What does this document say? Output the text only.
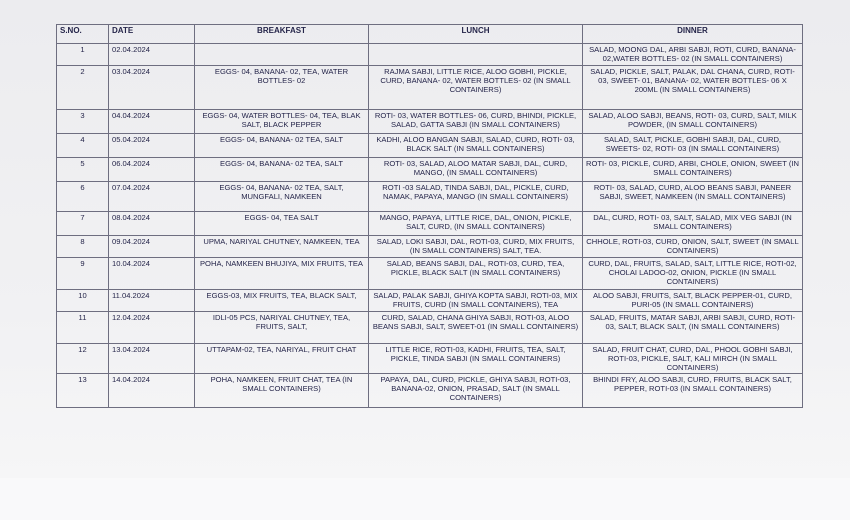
S.NO.	DATE	BREAKFAST	LUNCH	DINNER
1	02.04.2024			SALAD, MOONG DAL, ARBI SABJI, ROTI, CURD, BANANA-02,WATER BOTTLES- 02 (IN SMALL CONTAINERS)
2	03.04.2024	EGGS- 04, BANANA- 02, TEA, WATER BOTTLES- 02	RAJMA SABJI, LITTLE RICE, ALOO GOBHI, PICKLE, CURD, BANANA- 02, WATER BOTTLES- 02 (IN SMALL CONTAINERS)	SALAD, PICKLE, SALT, PALAK, DAL CHANA, CURD, ROTI-03, SWEET- 01, BANANA- 02, WATER BOTTLES- 06 X 200ML (IN SMALL CONTAINERS)
3	04.04.2024	EGGS- 04, WATER BOTTLES- 04, TEA, BLAK SALT, BLACK PEPPER	ROTI- 03, WATER BOTTLES- 06, CURD, BHINDI, PICKLE, SALAD, GATTA SABJI (IN SMALL CONTAINERS)	SALAD, ALOO SABJI, BEANS, ROTI- 03, CURD, SALT, MILK POWDER, (IN SMALL CONTAINERS)
4	05.04.2024	EGGS- 04, BANANA- 02 TEA, SALT	KADHI, ALOO BANGAN SABJI, SALAD, CURD, ROTI- 03, BLACK SALT (IN SMALL CONTAINERS)	SALAD, SALT, PICKLE, GOBHI SABJI, DAL, CURD, SWEETS- 02, ROTI- 03 (IN SMALL CONTAINERS)
5	06.04.2024	EGGS- 04, BANANA- 02 TEA, SALT	ROTI- 03, SALAD, ALOO MATAR SABJI, DAL, CURD, MANGO, (IN SMALL CONTAINERS)	ROTI- 03, PICKLE, CURD, ARBI, CHOLE, ONION, SWEET (IN SMALL CONTAINERS)
6	07.04.2024	EGGS- 04, BANANA- 02 TEA, SALT, MUNGFALI, NAMKEEN	ROTI -03 SALAD, TINDA SABJI, DAL, PICKLE, CURD, NAMAK, PAPAYA, MANGO (IN SMALL CONTAINERS)	ROTI- 03, SALAD, CURD, ALOO BEANS SABJI, PANEER SABJI, SWEET, NAMKEEN (IN SMALL CONTAINERS)
7	08.04.2024	EGGS- 04, TEA SALT	MANGO, PAPAYA, LITTLE RICE, DAL, ONION, PICKLE, SALT, CURD, (IN SMALL CONTAINERS)	DAL, CURD, ROTI- 03, SALT, SALAD, MIX VEG SABJI (IN SMALL CONTAINERS)
8	09.04.2024	UPMA, NARIYAL CHUTNEY, NAMKEEN, TEA	SALAD, LOKI SABJI, DAL, ROTI-03, CURD, MIX FRUITS, (IN SMALL CONTAINERS) SALT, TEA.	CHHOLE, ROTI-03, CURD, ONION, SALT, SWEET (IN SMALL CONTAINERS)
9	10.04.2024	POHA, NAMKEEN BHUJIYA, MIX FRUITS, TEA	SALAD, BEANS SABJI, DAL, ROTI-03, CURD, TEA, PICKLE, BLACK SALT (IN SMALL CONTAINERS)	CURD, DAL, FRUITS, SALAD, SALT, LITTLE RICE, ROTI-02, CHOLAI LADOO-02, ONION, PICKLE (IN SMALL CONTAINERS)
10	11.04.2024	EGGS-03, MIX FRUITS, TEA, BLACK SALT,	SALAD, PALAK SABJI, GHIYA KOPTA SABJI, ROTI-03, MIX FRUITS, CURD (IN SMALL CONTAINERS), TEA	ALOO SABJI, FRUITS, SALT, BLACK PEPPER-01, CURD, PURI-05 (IN SMALL CONTAINERS)
11	12.04.2024	IDLI-05 PCS, NARIYAL CHUTNEY, TEA, FRUITS, SALT,	CURD, SALAD, CHANA GHIYA SABJI, ROTI-03, ALOO BEANS SABJI, SALT, SWEET-01 (IN SMALL CONTAINERS)	SALAD, FRUITS, MATAR SABJI, ARBI SABJI, CURD, ROTI-03, SALT, BLACK SALT, (IN SMALL CONTAINERS)
12	13.04.2024	UTTAPAM-02, TEA, NARIYAL, FRUIT CHAT	LITTLE RICE, ROTI-03, KADHI, FRUITS, TEA, SALT, PICKLE, TINDA SABJI (IN SMALL CONTAINERS)	SALAD, FRUIT CHAT, CURD, DAL, PHOOL GOBHI SABJI, ROTI-03, PICKLE, SALT, KALI MIRCH (IN SMALL CONTAINERS)
13	14.04.2024	POHA, NAMKEEN, FRUIT CHAT, TEA (IN SMALL CONTAINERS)	PAPAYA, DAL, CURD, PICKLE, GHIYA SABJI, ROTI-03, BANANA-02, ONION, PRASAD, SALT (IN SMALL CONTAINERS)	BHINDI FRY, ALOO SABJI, CURD, FRUITS, BLACK SALT, PEPPER, ROTI-03 (IN SMALL CONTAINERS)
